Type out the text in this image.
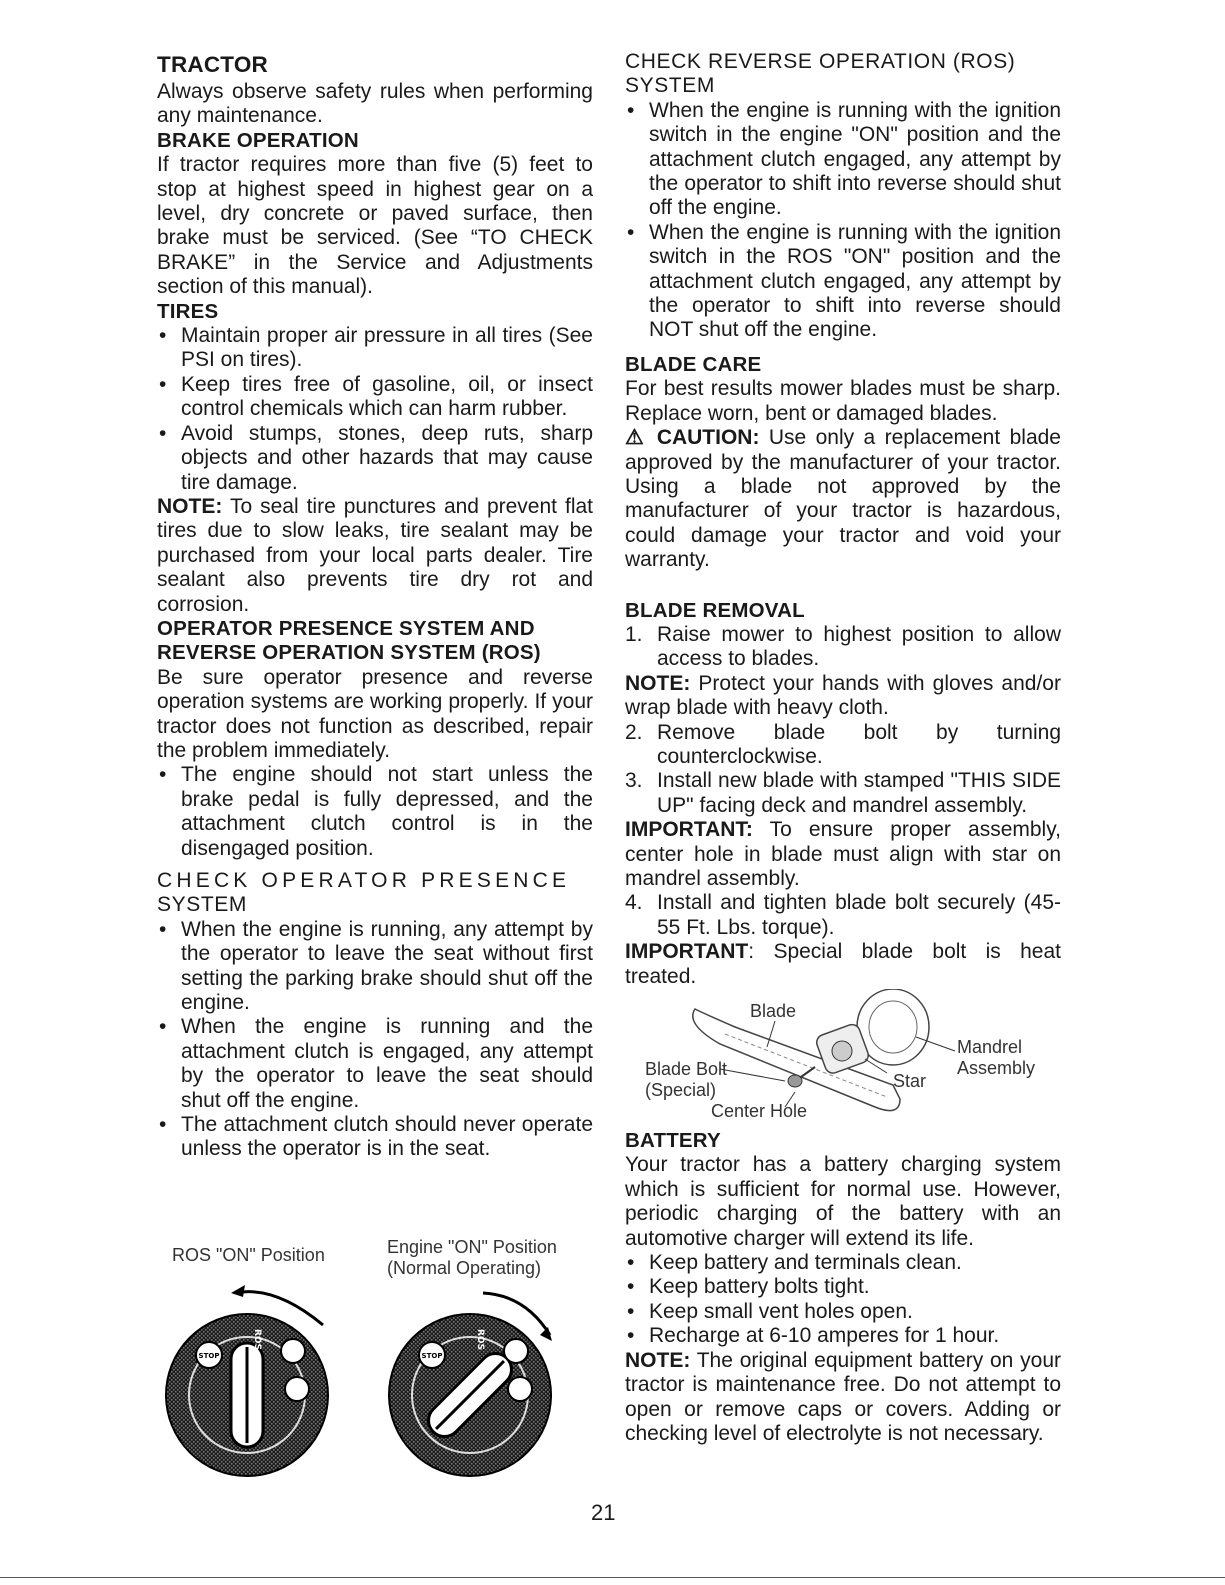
TRACTOR

Always observe safety rules when performing any maintenance.

BRAKE OPERATION

If tractor requires more than five (5) feet to stop at highest speed in highest gear on a level, dry concrete or paved surface, then brake must be serviced. (See “TO CHECK BRAKE” in the Service and Adjustments section of this manual).

TIRES
• Maintain proper air pressure in all tires (See PSI on tires).
• Keep tires free of gasoline, oil, or insect control chemicals which can harm rubber.
• Avoid stumps, stones, deep ruts, sharp objects and other hazards that may cause tire damage.

NOTE: To seal tire punctures and prevent flat tires due to slow leaks, tire sealant may be purchased from your local parts dealer. Tire sealant also prevents tire dry rot and corrosion.

OPERATOR PRESENCE SYSTEM AND
REVERSE OPERATION SYSTEM (ROS)

Be sure operator presence and reverse operation systems are working properly. If your tractor does not function as described, repair the problem immediately.

• The engine should not start unless the brake pedal is fully depressed, and the attachment clutch control is in the disengaged position.
CHECK OPERATOR PRESENCE
SYSTEM
• When the engine is running, any attempt by the operator to leave the seat without first setting the parking brake should shut off the engine.
• When the engine is running and the attachment clutch is engaged, any attempt by the operator to leave the seat should shut off the engine.
• The attachment clutch should never operate unless the operator is in the seat.
ROS "ON" Position	Engine "ON" Position
(Normal Operating)
STOP
ROS
STOP
ROS
CHECK REVERSE OPERATION (ROS)
SYSTEM
• When the engine is running with the ignition switch in the engine "ON" position and the attachment clutch engaged, any attempt by the operator to shift into reverse should shut off the engine.
• When the engine is running with the ignition switch in the ROS "ON" position and the attachment clutch engaged, any attempt by the operator to shift into reverse should NOT shut off the engine.
BLADE CARE

For best results mower blades must be sharp. Replace worn, bent or damaged blades.

⚠ CAUTION: Use only a replacement blade approved by the manufacturer of your tractor. Using a blade not approved by the manufacturer of your tractor is hazardous, could damage your tractor and void your warranty.

BLADE REMOVAL
1. Raise mower to highest position to allow access to blades.

NOTE: Protect your hands with gloves and/or wrap blade with heavy cloth.

2. Remove blade bolt by turning counterclockwise.
3. Install new blade with stamped "THIS SIDE UP" facing deck and mandrel assembly.

IMPORTANT: To ensure proper assembly, center hole in blade must align with star on mandrel assembly.

4. Install and tighten blade bolt securely (45-55 Ft. Lbs. torque).

IMPORTANT: Special blade bolt is heat treated.

Blade
Mandrel
Assembly
Blade Bolt
(Special)	Star
Center Hole
BATTERY

Your tractor has a battery charging system which is sufficient for normal use. However, periodic charging of the battery with an automotive charger will extend its life.

• Keep battery and terminals clean.
• Keep battery bolts tight.
• Keep small vent holes open.
• Recharge at 6-10 amperes for 1 hour.

NOTE: The original equipment battery on your tractor is maintenance free. Do not attempt to open or remove caps or covers. Adding or checking level of electrolyte is not necessary.

21
